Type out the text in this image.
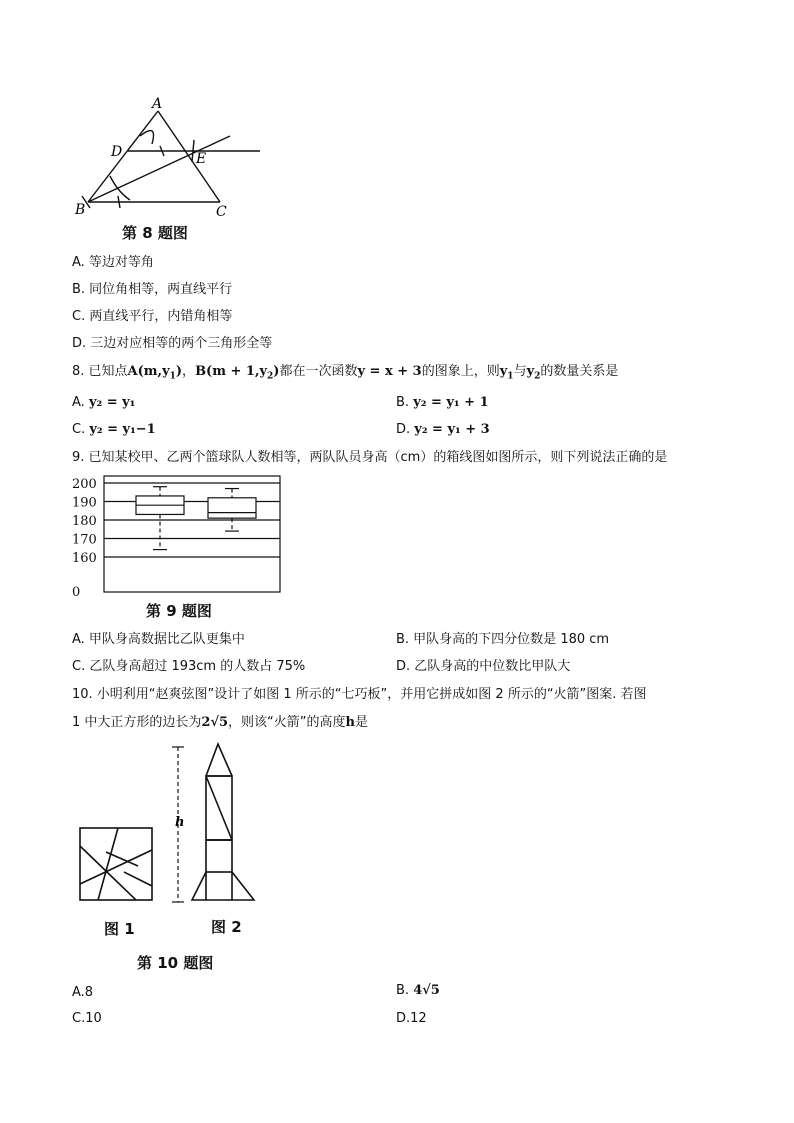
A
D	E
B	C
第 8 题图
A. 等边对等角
B. 同位角相等，两直线平行
C. 两直线平行，内错角相等
D. 三边对应相等的两个三角形全等
8. 已知点$A(m,y_1)$，$B(m + 1,y_2)$都在一次函数y = x + 3的图象上，则$y_1$与$y_2$的数量关系是
A. y₂ = y₁	B. y₂ = y₁ + 1
C. y₂ = y₁−1	D. y₂ = y₁ + 3
9. 已知某校甲、乙两个篮球队人数相等，两队队员身高（cm）的箱线图如图所示，则下列说法正确的是
200
190
180
170
160
0
第 9 题图
A. 甲队身高数据比乙队更集中	B. 甲队身高的下四分位数是 180 cm
C. 乙队身高超过 193cm 的人数占 75%	D. 乙队身高的中位数比甲队大
10. 小明利用“赵爽弦图”设计了如图 1 所示的“七巧板”，并用它拼成如图 2 所示的“火箭”图案. 若图
1 中大正方形的边长为2√5，则该“火箭”的高度h是
h
图 1	图 2
第 10 题图
A.8	B. 4√5
C.10	D.12
